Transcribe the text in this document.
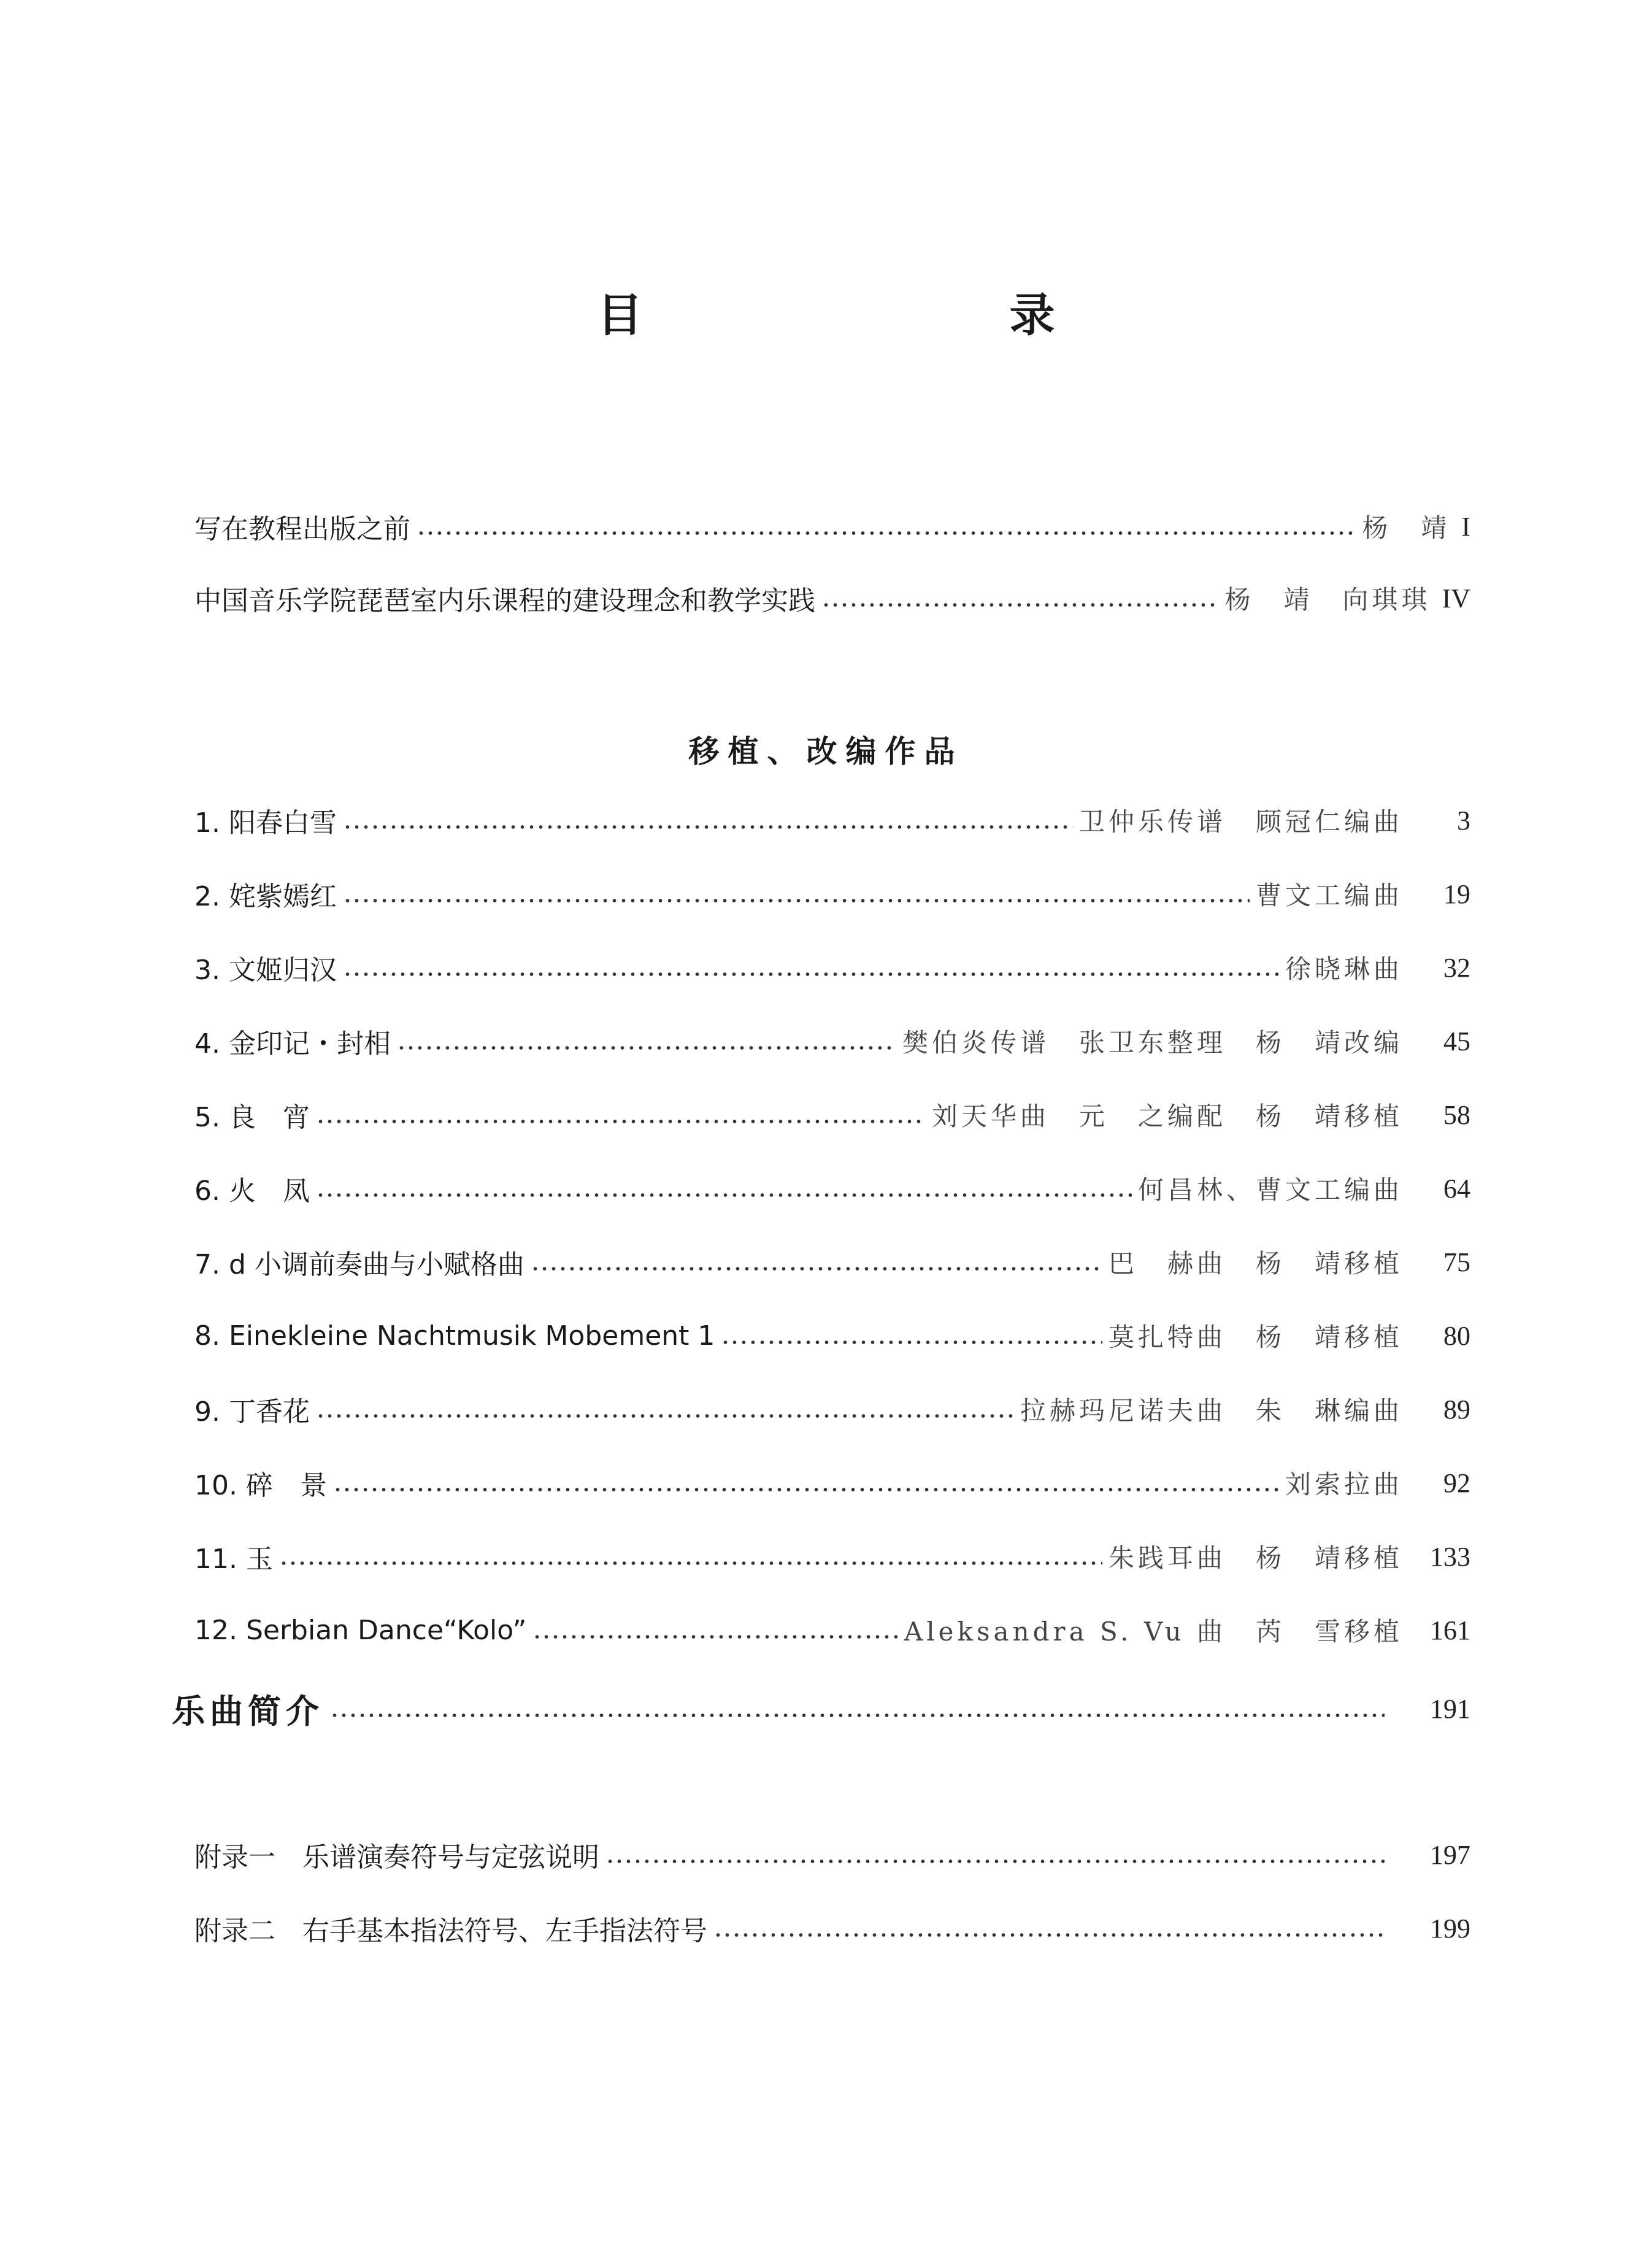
目　　录
写在教程出版之前	杨　靖 I
中国音乐学院琵琶室内乐课程的建设理念和教学实践	杨　靖　向琪琪 IV
移植、改编作品
1. 阳春白雪	卫仲乐传谱　顾冠仁编曲	3
2. 姹紫嫣红	曹文工编曲	19
3. 文姬归汉	徐晓琳曲	32
4. 金印记・封相	樊伯炎传谱　张卫东整理　杨　靖改编	45
5. 良　宵	刘天华曲　元　之编配　杨　靖移植	58
6. 火　凤	何昌林、曹文工编曲	64
7. d 小调前奏曲与小赋格曲	巴　赫曲　杨　靖移植	75
8. Einekleine Nachtmusik Mobement 1	莫扎特曲　杨　靖移植	80
9. 丁香花	拉赫玛尼诺夫曲　朱　琳编曲	89
10. 碎　景	刘索拉曲	92
11. 玉	朱践耳曲　杨　靖移植	133
12. Serbian Dance“Kolo”	Aleksandra S. Vu 曲　芮　雪移植	161
乐曲简介	191
附录一　乐谱演奏符号与定弦说明	197
附录二　右手基本指法符号、左手指法符号	199
